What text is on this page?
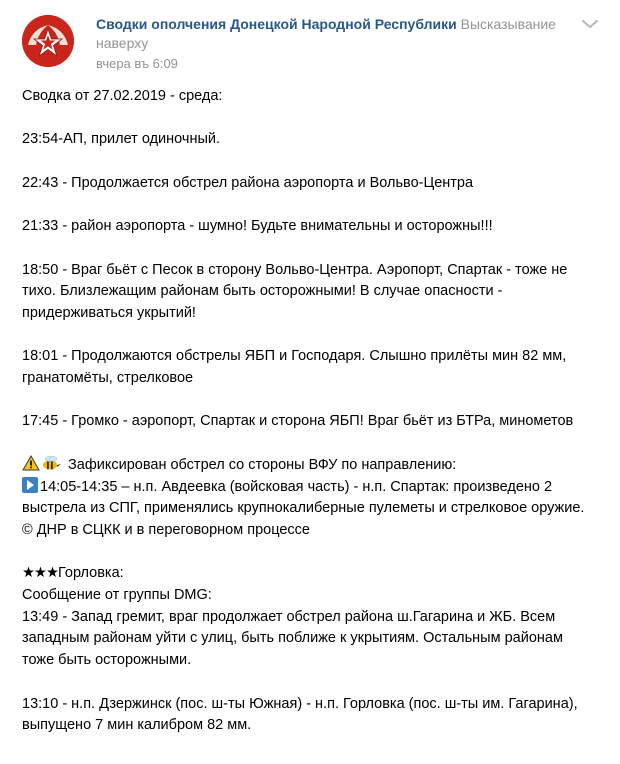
Сводки ополчения Донецкой Народной Республики Высказывание
наверху
вчера въ 6:09

Сводка от 27.02.2019 - среда:

23:54-АП, прилет одиночный.

22:43 - Продолжается обстрел района аэропорта и Вольво-Центра

21:33 - район аэропорта - шумно! Будьте внимательны и осторожны!!!

18:50 - Враг бьёт с Песок в сторону Вольво-Центра. Аэропорт, Спартак - тоже не тихо. Близлежащим районам быть осторожными! В случае опасности - придерживаться укрытий!

18:01 - Продолжаются обстрелы ЯБП и Господаря. Слышно прилёты мин 82 мм, гранатомёты, стрелковое

17:45 - Громко - аэропорт, Спартак и сторона ЯБП! Враг бьёт из БТРа, минометов

Зафиксирован обстрел со стороны ВФУ по направлению:

14:05-14:35 – н.п. Авдеевка (войсковая часть) - н.п. Спартак: произведено 2 выстрела из СПГ, применялись крупнокалиберные пулеметы и стрелковое оружие.

© ДНР в СЦКК и в переговорном процессе

★★★Горловка:

Сообщение от группы DMG:

13:49 - Запад гремит, враг продолжает обстрел района ш.Гагарина и ЖБ. Всем западным районам уйти с улиц, быть поближе к укрытиям. Остальным районам тоже быть осторожными.

13:10 - н.п. Дзержинск (пос. ш-ты Южная) - н.п. Горловка (пос. ш-ты им. Гагарина), выпущено 7 мин калибром 82 мм.
